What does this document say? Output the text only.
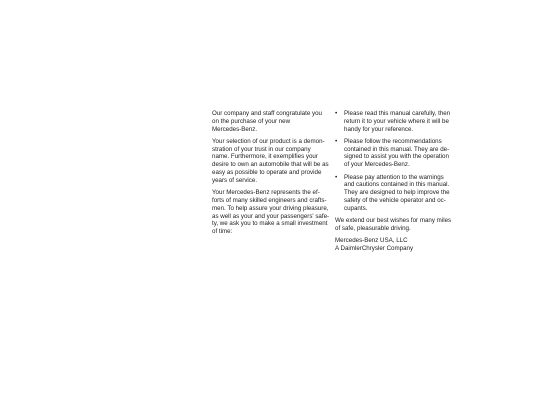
Our company and staff congratulate you
on the purchase of your new
Mercedes-Benz.

Your selection of our product is a demon-
stration of your trust in our company
name. Furthermore, it exemplifies your
desire to own an automobile that will be as
easy as possible to operate and provide
years of service.

Your Mercedes-Benz represents the ef-
forts of many skilled engineers and crafts-
men. To help assure your driving pleasure,
as well as your and your passengers' safe-
ty, we ask you to make a small investment
of time:

•	Please read this manual carefully, then
return it to your vehicle where it will be
handy for your reference.
•	Please follow the recommendations
contained in this manual. They are de-
signed to assist you with the operation
of your Mercedes-Benz.
•	Please pay attention to the warnings
and cautions contained in this manual.
They are designed to help improve the
safety of the vehicle operator and oc-
cupants.

We extend our best wishes for many miles
of safe, pleasurable driving.

Mercedes-Benz USA, LLC
A DaimlerChrysler Company
